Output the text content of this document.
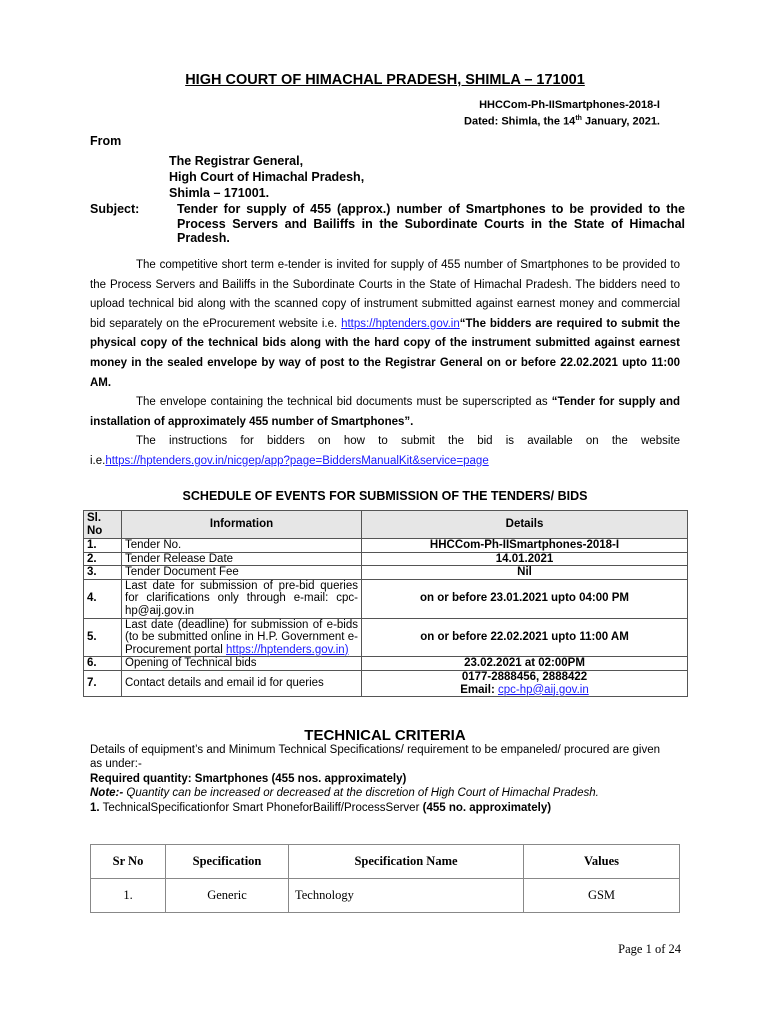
HIGH COURT OF HIMACHAL PRADESH, SHIMLA – 171001
HHCCom-Ph-IISmartphones-2018-I
Dated: Shimla, the 14th January, 2021.
From
The Registrar General,
High Court of Himachal Pradesh,
Shimla – 171001.
Subject:	Tender for supply of 455 (approx.) number of Smartphones to be provided to the Process Servers and Bailiffs in the Subordinate Courts in the State of Himachal Pradesh.

The competitive short term e-tender is invited for supply of 455 number of Smartphones to be provided to the Process Servers and Bailiffs in the Subordinate Courts in the State of Himachal Pradesh. The bidders need to upload technical bid along with the scanned copy of instrument submitted against earnest money and commercial bid separately on the eProcurement website i.e. https://hptenders.gov.in“The bidders are required to submit the physical copy of the technical bids along with the hard copy of the instrument submitted against earnest money in the sealed envelope by way of post to the Registrar General on or before 22.02.2021 upto 11:00 AM.

The envelope containing the technical bid documents must be superscripted as “Tender for supply and installation of approximately 455 number of Smartphones”.

The instructions for bidders on how to submit the bid is available on the website i.e.https://hptenders.gov.in/nicgep/app?page=BiddersManualKit&service=page

SCHEDULE OF EVENTS FOR SUBMISSION OF THE TENDERS/ BIDS
Sl. No	Information	Details
1.	Tender No.	HHCCom-Ph-IISmartphones-2018-I
2.	Tender Release Date	14.01.2021
3.	Tender Document Fee	Nil
4.	Last date for submission of pre-bid queries for clarifications only through e-mail: cpc-hp@aij.gov.in	on or before 23.01.2021 upto 04:00 PM
5.	Last date (deadline) for submission of e-bids (to be submitted online in H.P. Government e-Procurement portal https://hptenders.gov.in)	on or before 22.02.2021 upto 11:00 AM
6.	Opening of Technical bids	23.02.2021 at 02:00PM
7.	Contact details and email id for queries	0177-2888456, 2888422
Email: cpc-hp@aij.gov.in
TECHNICAL CRITERIA

Details of equipment’s and Minimum Technical Specifications/ requirement to be empaneled/ procured are given as under:-

Required quantity: Smartphones (455 nos. approximately)

Note:- Quantity can be increased or decreased at the discretion of High Court of Himachal Pradesh.

1. TechnicalSpecificationfor Smart PhoneforBailiff/ProcessServer (455 no. approximately)

Sr No	Specification	Specification Name	Values
1.	Generic	Technology	GSM
Page 1 of 24
